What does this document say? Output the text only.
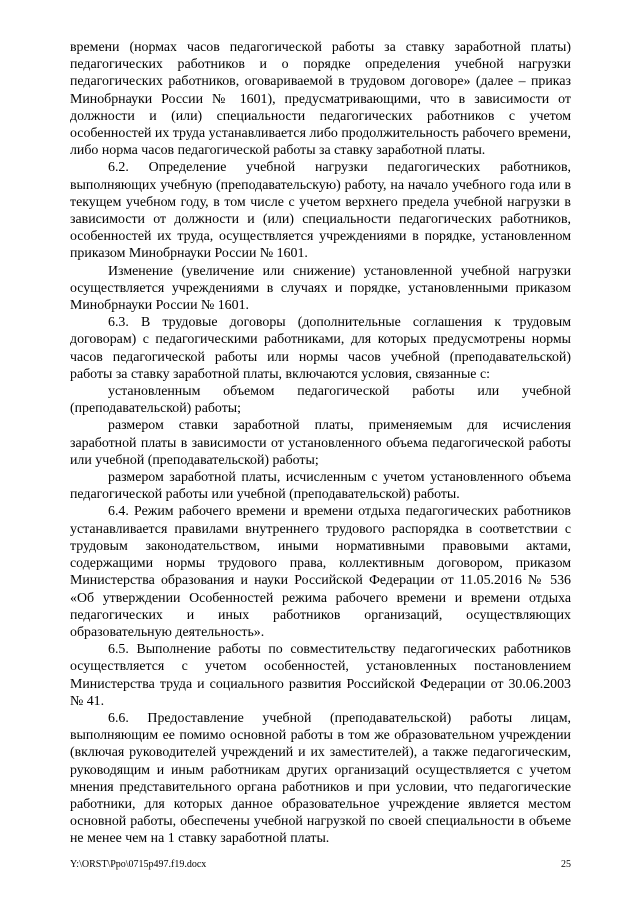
времени (нормах часов педагогической работы за ставку заработной платы) педагогических работников и о порядке определения учебной нагрузки педагогических работников, оговариваемой в трудовом договоре» (далее – приказ Минобрнауки России № 1601), предусматривающими, что в зависимости от должности и (или) специальности педагогических работников с учетом особенностей их труда устанавливается либо продолжительность рабочего времени, либо норма часов педагогической работы за ставку заработной платы.

6.2. Определение учебной нагрузки педагогических работников, выполняющих учебную (преподавательскую) работу, на начало учебного года или в текущем учебном году, в том числе с учетом верхнего предела учебной нагрузки в зависимости от должности и (или) специальности педагогических работников, особенностей их труда, осуществляется учреждениями в порядке, установленном приказом Минобрнауки России № 1601.

Изменение (увеличение или снижение) установленной учебной нагрузки осуществляется учреждениями в случаях и порядке, установленными приказом Минобрнауки России № 1601.

6.3. В трудовые договоры (дополнительные соглашения к трудовым договорам) с педагогическими работниками, для которых предусмотрены нормы часов педагогической работы или нормы часов учебной (преподавательской) работы за ставку заработной платы, включаются условия, связанные с:

установленным объемом педагогической работы или учебной (преподавательской) работы;

размером ставки заработной платы, применяемым для исчисления заработной платы в зависимости от установленного объема педагогической работы или учебной (преподавательской) работы;

размером заработной платы, исчисленным с учетом установленного объема педагогической работы или учебной (преподавательской) работы.

6.4. Режим рабочего времени и времени отдыха педагогических работников устанавливается правилами внутреннего трудового распорядка в соответствии с трудовым законодательством, иными нормативными правовыми актами, содержащими нормы трудового права, коллективным договором, приказом Министерства образования и науки Российской Федерации от 11.05.2016 № 536 «Об утверждении Особенностей режима рабочего времени и времени отдыха педагогических и иных работников организаций, осуществляющих образовательную деятельность».

6.5. Выполнение работы по совместительству педагогических работников осуществляется с учетом особенностей, установленных постановлением Министерства труда и социального развития Российской Федерации от 30.06.2003 № 41.

6.6. Предоставление учебной (преподавательской) работы лицам, выполняющим ее помимо основной работы в том же образовательном учреждении (включая руководителей учреждений и их заместителей), а также педагогическим, руководящим и иным работникам других организаций осуществляется с учетом мнения представительного органа работников и при условии, что педагогические работники, для которых данное образовательное учреждение является местом основной работы, обеспечены учебной нагрузкой по своей специальности в объеме не менее чем на 1 ставку заработной платы.

Y:\ORST\Ppo\0715p497.f19.docx	25
